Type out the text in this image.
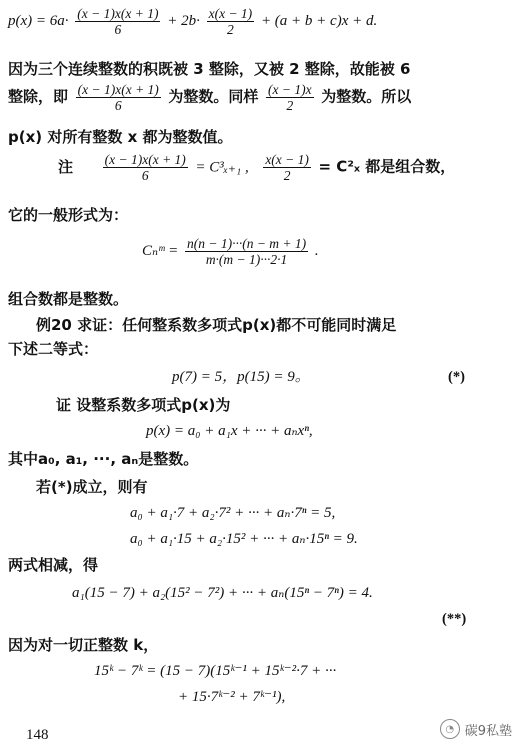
$p(x) = 6a\cdot \frac{(x - 1)x(x + 1)}{6} + 2b\cdot \frac{x(x - 1)}{2} + (a + b + c)x + d$.
因为三个连续整数的积既被 3 整除，又被 2 整除，故能被 6
整除，即 $\frac{(x - 1)x(x + 1)}{6}$ 为整数。同样 $\frac{(x - 1)x}{2}$ 为整数。所以
p(x) 对所有整数 x 都为整数值。
注 $\frac{(x - 1)x(x + 1)}{6} = C^3_{x+1}$ , $\frac{x(x - 1)}{2} = C^2_x$ 都是组合数，
它的一般形式为：
Cₙᵐ = $\frac{n(n - 1)\cdot\cdot\cdot(n - m + 1)}{m\cdot(m - 1)\cdot\cdot\cdot 2\cdot 1}$ .
组合数都是整数。
例20 求证：任何整系数多项式p(x)都不可能同时满足
下述二等式：
p(7) = 5，p(15) = 9。	(*)
证 设整系数多项式p(x)为
p(x) = a₀ + a₁x + ··· + aₙxⁿ,
其中a₀, a₁, ···, aₙ是整数。
若(*)成立，则有
a₀ + a₁·7 + a₂·7² + ··· + aₙ·7ⁿ = 5,
a₀ + a₁·15 + a₂·15² + ··· + aₙ·15ⁿ = 9.
两式相减，得
a₁(15 − 7) + a₂(15² − 7²) + ··· + aₙ(15ⁿ − 7ⁿ) = 4.
(**)
因为对一切正整数 k，
15ᵏ − 7ᵏ = (15 − 7)(15ᵏ⁻¹ + 15ᵏ⁻²·7 + ···
+ 15·7ᵏ⁻² + 7ᵏ⁻¹),
148	◔ 碳9私塾
